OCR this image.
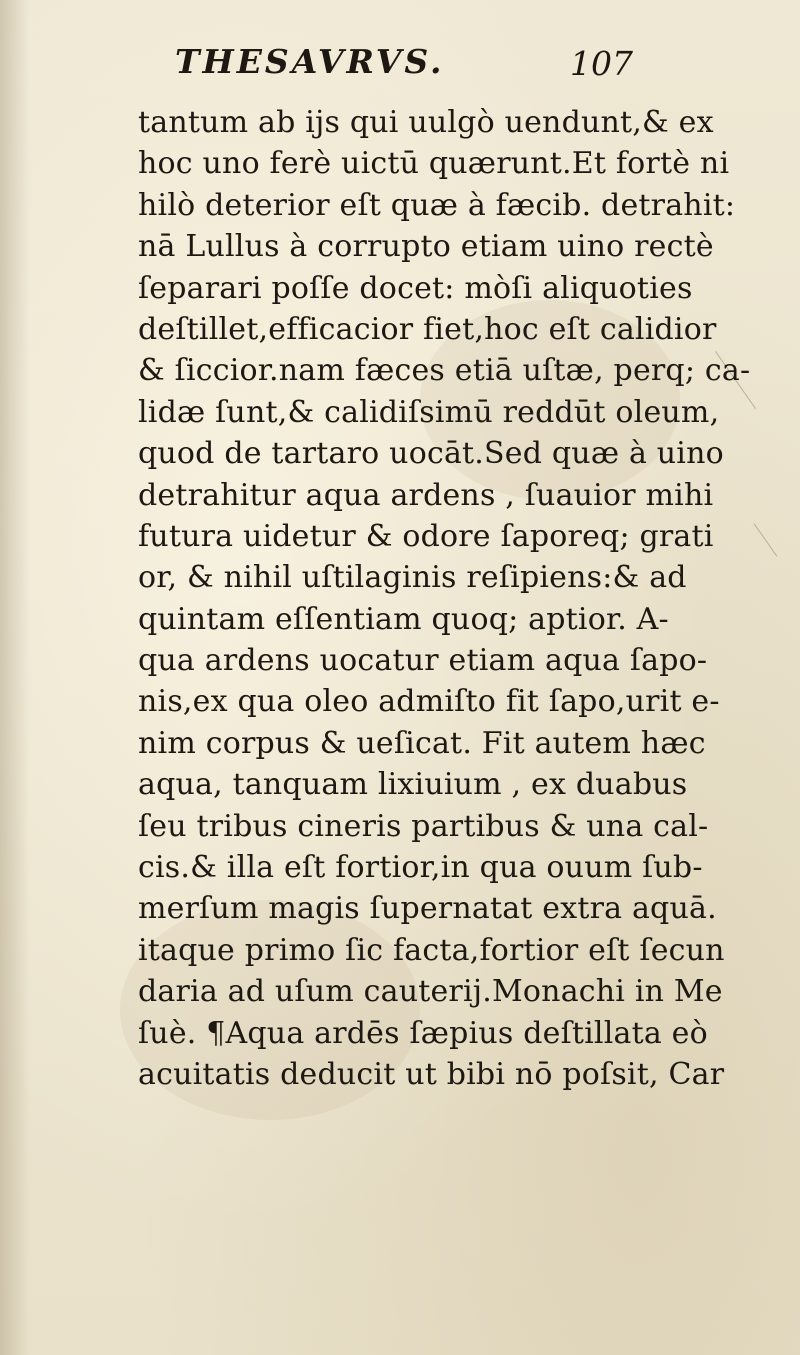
THESAVRVS.	107
tantum ab ijs qui uulgò uendunt,& ex
hoc uno ferè uictū quærunt.Et fortè ni
hilò deterior eſt quæ à fæcib. detrahit:
nā Lullus à corrupto etiam uino rectè
ſeparari poſſe docet: mòſi aliquoties
deſtillet,efficacior fiet,hoc eſt calidior
& ſiccior.nam fæces etiā uſtæ, perq; ca-
lidæ ſunt,& calidiſsimū reddūt oleum,
quod de tartaro uocāt.Sed quæ à uino
detrahitur aqua ardens , ſuauior mihi
futura uidetur & odore ſaporeq; grati
or, & nihil uſtilaginis reſipiens:& ad
quintam eſſentiam quoq; aptior. A-
qua ardens uocatur etiam aqua ſapo-
nis,ex qua oleo admiſto fit ſapo,urit e-
nim corpus & ueſicat. Fit autem hæc
aqua, tanquam lixiuium , ex duabus
ſeu tribus cineris partibus & una cal-
cis.& illa eſt fortior,in qua ouum ſub-
merſum magis ſupernatat extra aquā.
itaque primo ſic facta,fortior eſt ſecun
daria ad uſum cauterij.Monachi in Me
ſuè. ¶Aqua ardēs ſæpius deſtillata eò
acuitatis deducit ut bibi nō poſsit, Car
